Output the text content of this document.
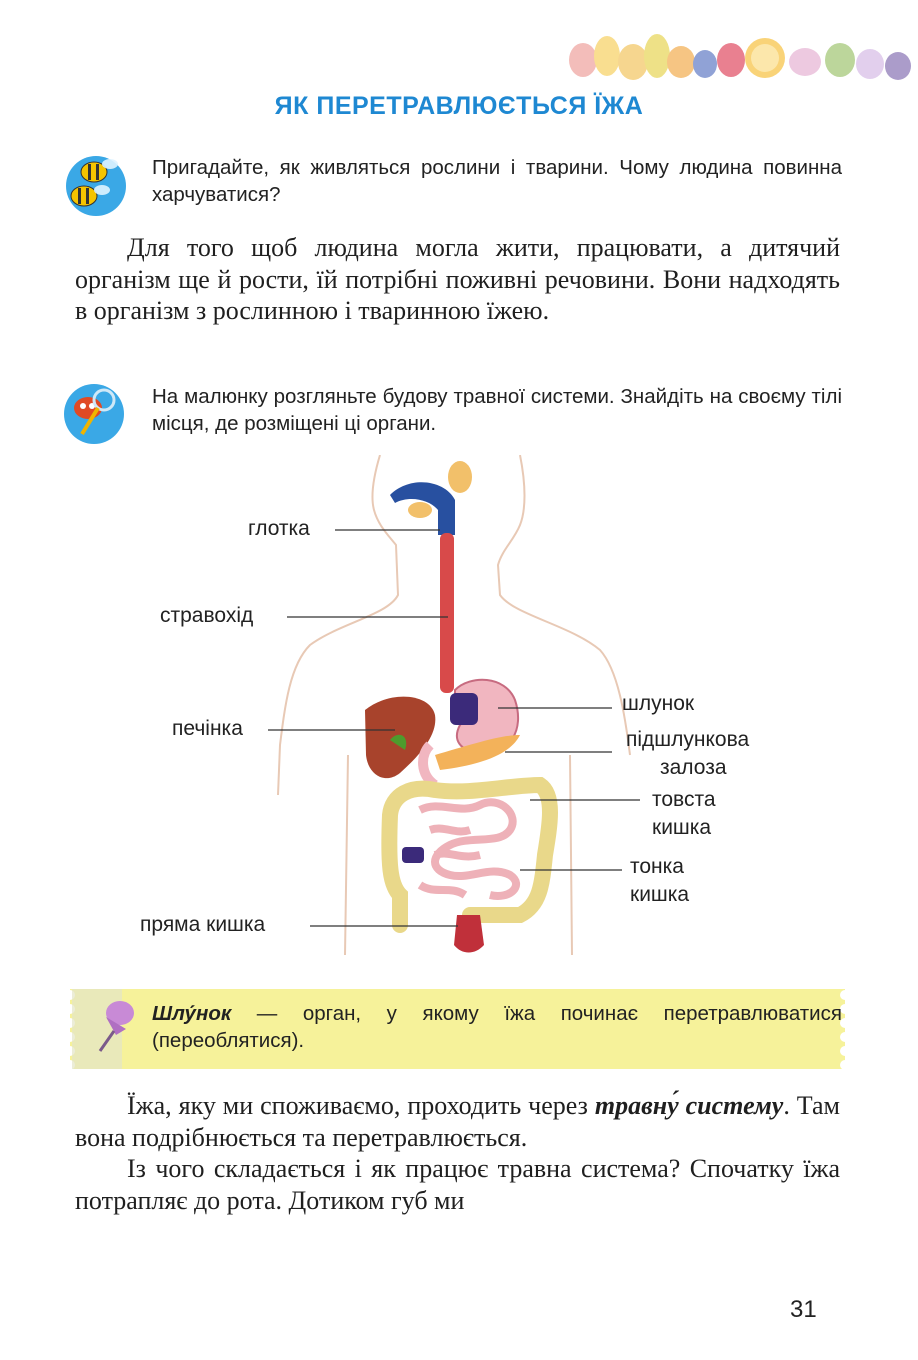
ЯК ПЕРЕТРАВЛЮЄТЬСЯ ЇЖА
Пригадайте, як живляться рослини і тварини. Чому людина повинна харчуватися?

Для того щоб людина могла жити, працювати, а дитячий організм ще й рости, їй потрібні поживні речовини. Вони надходять в організм з рослинною і тваринною їжею.

На малюнку розгляньте будову травної системи. Знайдіть на своєму тілі місця, де розміщені ці органи.
глотка
стравохід
печінка
пряма кишка
шлунок
підшлункова
залоза
товста
кишка
тонка
кишка
Шлу́нок — орган, у якому їжа починає перетравлюватися (переоблятися).

Їжа, яку ми споживаємо, проходить через травну́ систему. Там вона подрібнюється та перетравлюється.

Із чого складається і як працює травна система? Спочатку їжа потрапляє до рота. Дотиком губ ми

31
